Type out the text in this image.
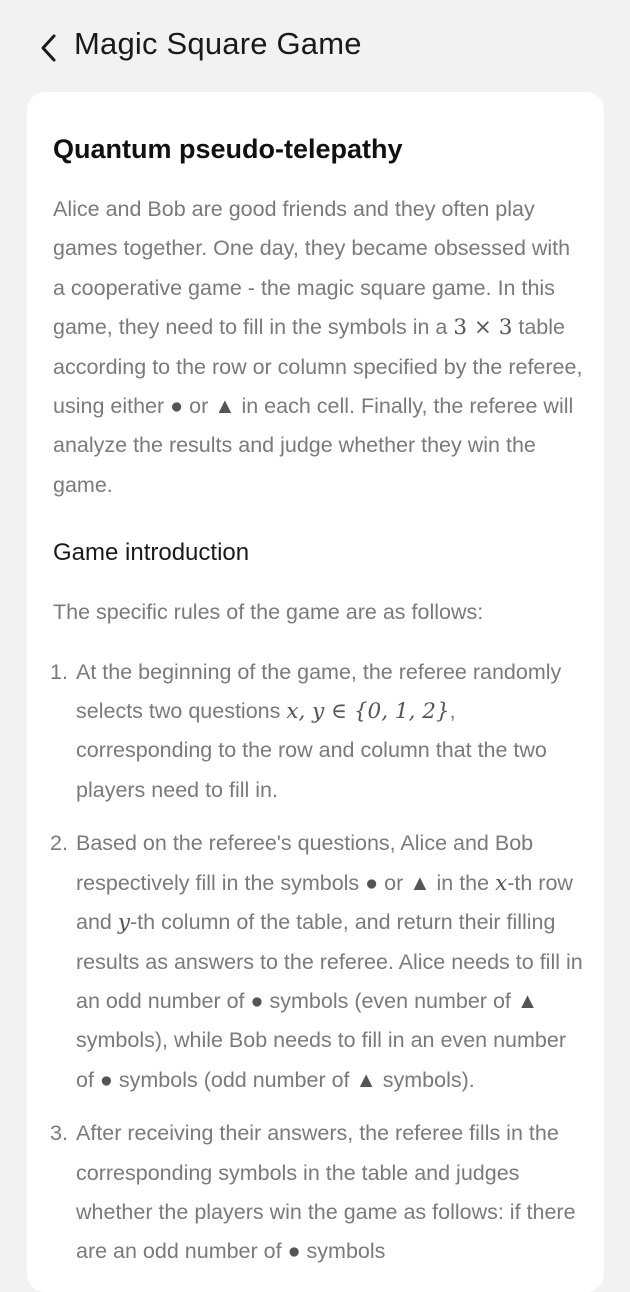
Magic Square Game
Quantum pseudo-telepathy

Alice and Bob are good friends and they often play games together. One day, they became obsessed with a cooperative game - the magic square game. In this game, they need to fill in the symbols in a 3 × 3 table according to the row or column specified by the referee, using either ● or ▲ in each cell. Finally, the referee will analyze the results and judge whether they win the game.

Game introduction

The specific rules of the game are as follows:

1. At the beginning of the game, the referee randomly selects two questions x, y ∈ {0, 1, 2}, corresponding to the row and column that the two players need to fill in.
2. Based on the referee's questions, Alice and Bob respectively fill in the symbols ● or ▲ in the x-th row and y-th column of the table, and return their filling results as answers to the referee. Alice needs to fill in an odd number of ● symbols (even number of ▲ symbols), while Bob needs to fill in an even number of ● symbols (odd number of ▲ symbols).
3. After receiving their answers, the referee fills in the corresponding symbols in the table and judges whether the players win the game as follows: if there are an odd number of ● symbols
